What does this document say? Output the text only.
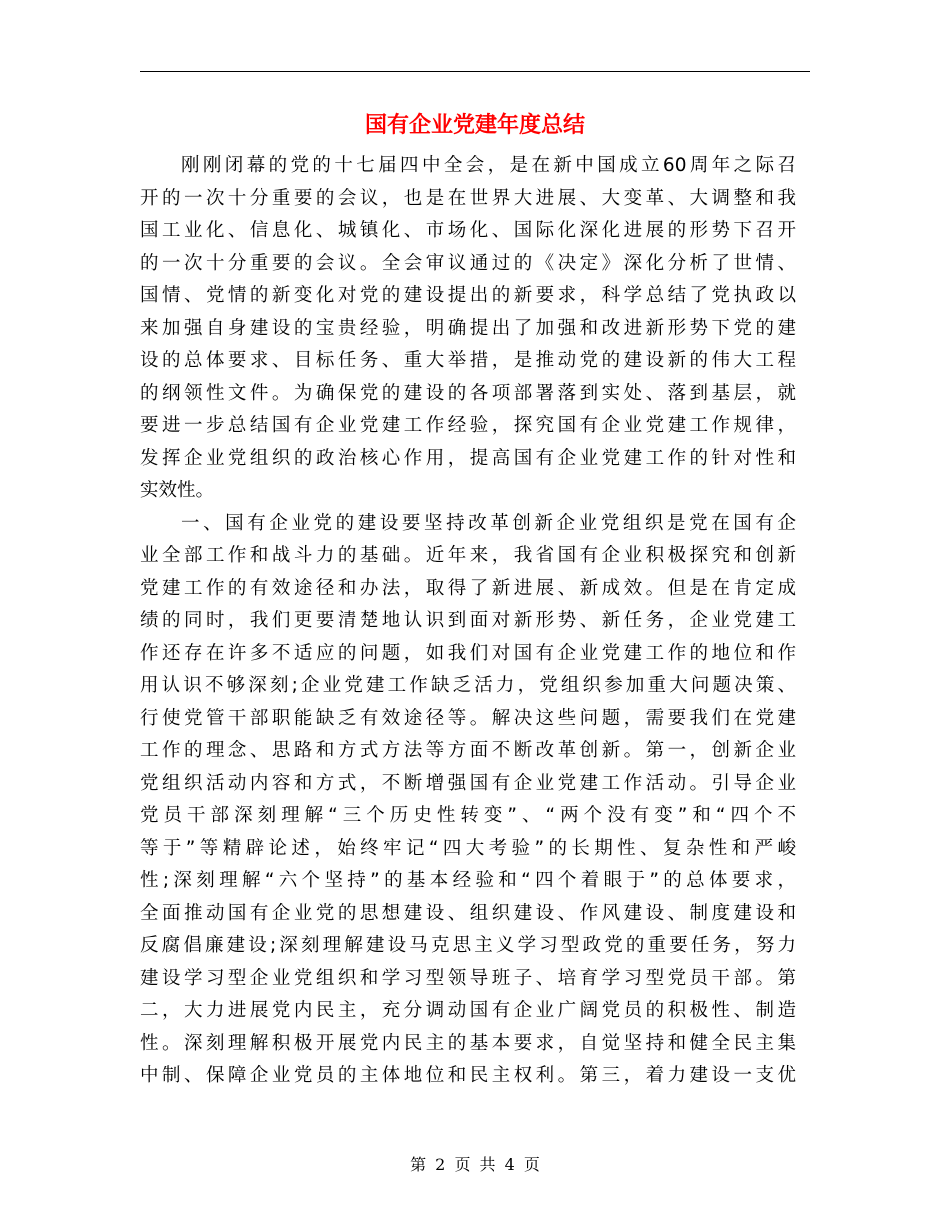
国有企业党建年度总结
刚刚闭幕的党的十七届四中全会，是在新中国成立60周年之际召
开的一次十分重要的会议，也是在世界大进展、大变革、大调整和我
国工业化、信息化、城镇化、市场化、国际化深化进展的形势下召开
的一次十分重要的会议。全会审议通过的《决定》深化分析了世情、
国情、党情的新变化对党的建设提出的新要求，科学总结了党执政以
来加强自身建设的宝贵经验，明确提出了加强和改进新形势下党的建
设的总体要求、目标任务、重大举措，是推动党的建设新的伟大工程
的纲领性文件。为确保党的建设的各项部署落到实处、落到基层，就
要进一步总结国有企业党建工作经验，探究国有企业党建工作规律，
发挥企业党组织的政治核心作用，提高国有企业党建工作的针对性和
实效性。
一、国有企业党的建设要坚持改革创新企业党组织是党在国有企
业全部工作和战斗力的基础。近年来，我省国有企业积极探究和创新
党建工作的有效途径和办法，取得了新进展、新成效。但是在肯定成
绩的同时，我们更要清楚地认识到面对新形势、新任务，企业党建工
作还存在许多不适应的问题，如我们对国有企业党建工作的地位和作
用认识不够深刻;企业党建工作缺乏活力，党组织参加重大问题决策、
行使党管干部职能缺乏有效途径等。解决这些问题，需要我们在党建
工作的理念、思路和方式方法等方面不断改革创新。第一，创新企业
党组织活动内容和方式，不断增强国有企业党建工作活动。引导企业
党员干部深刻理解“三个历史性转变”、“两个没有变”和“四个不
等于”等精辟论述，始终牢记“四大考验”的长期性、复杂性和严峻
性;深刻理解“六个坚持”的基本经验和“四个着眼于”的总体要求，
全面推动国有企业党的思想建设、组织建设、作风建设、制度建设和
反腐倡廉建设;深刻理解建设马克思主义学习型政党的重要任务，努力
建设学习型企业党组织和学习型领导班子、培育学习型党员干部。第
二，大力进展党内民主，充分调动国有企业广阔党员的积极性、制造
性。深刻理解积极开展党内民主的基本要求，自觉坚持和健全民主集
中制、保障企业党员的主体地位和民主权利。第三，着力建设一支优
第 2 页 共 4 页
